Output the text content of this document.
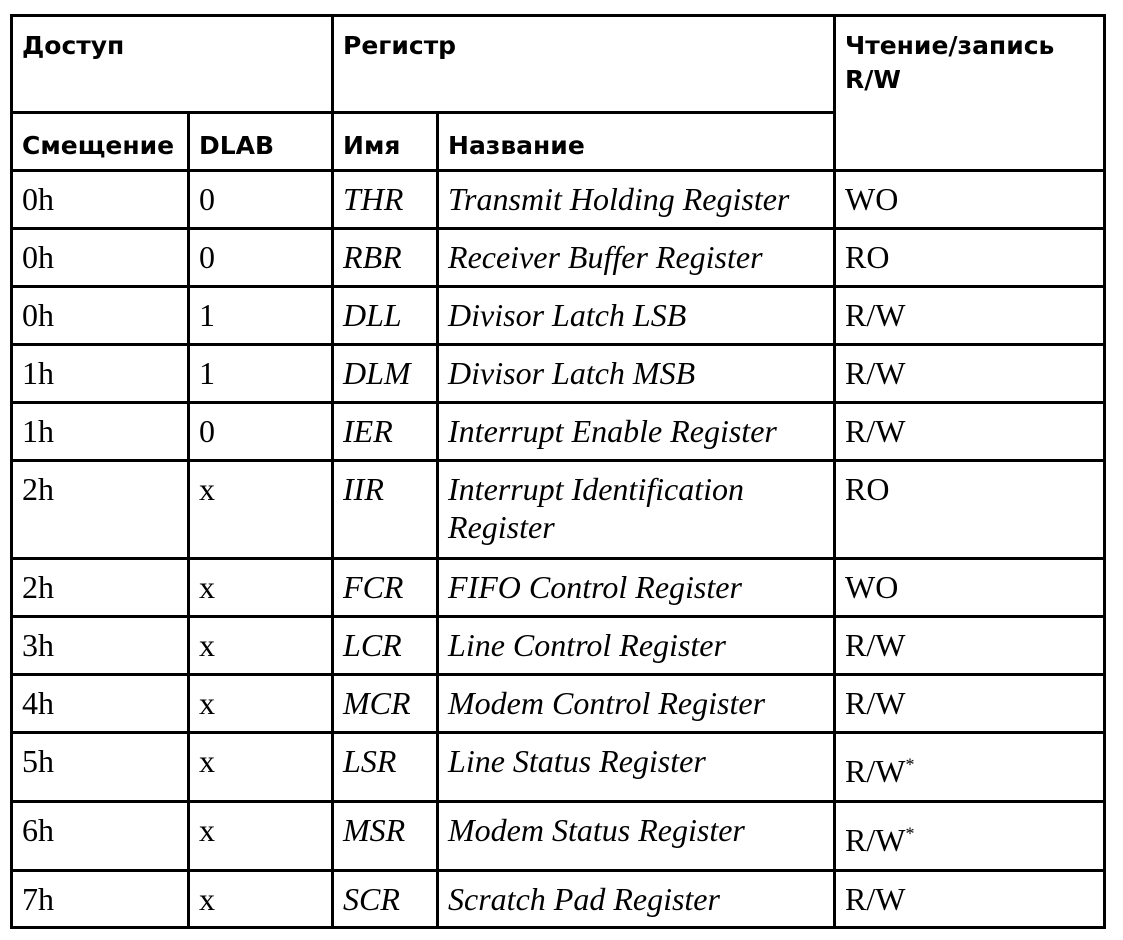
Доступ		Регистр		Чтение/запись R/W
Смещение	DLAB	Имя	Название	
0h	0	THR	Transmit Holding Register	WO
0h	0	RBR	Receiver Buffer Register	RO
0h	1	DLL	Divisor Latch LSB	R/W
1h	1	DLM	Divisor Latch MSB	R/W
1h	0	IER	Interrupt Enable Register	R/W
2h	x	IIR	Interrupt Identification Register	RO
2h	x	FCR	FIFO Control Register	WO
3h	x	LCR	Line Control Register	R/W
4h	x	MCR	Modem Control Register	R/W
5h	x	LSR	Line Status Register	R/W*
6h	x	MSR	Modem Status Register	R/W*
7h	x	SCR	Scratch Pad Register	R/W
